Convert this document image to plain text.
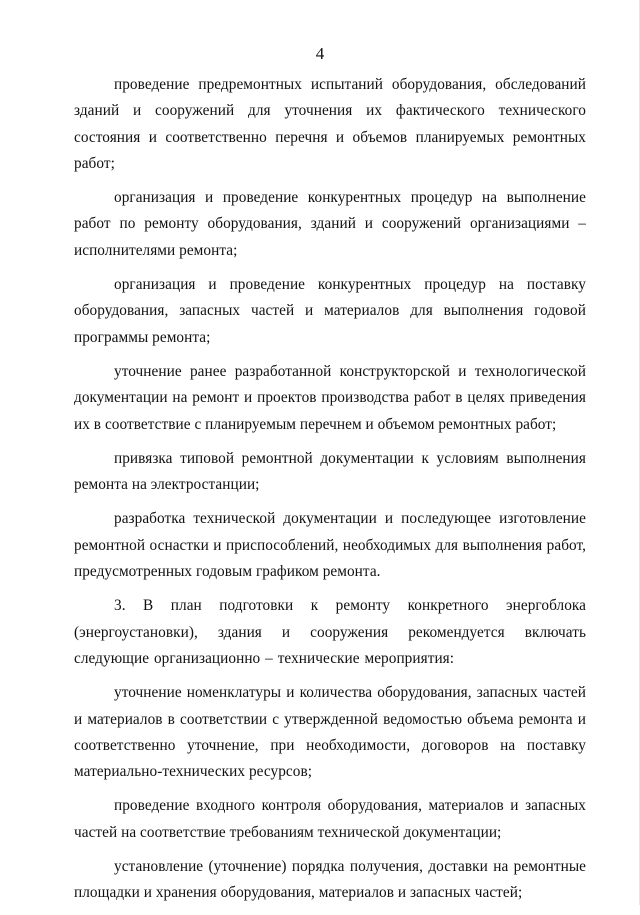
4

проведение предремонтных испытаний оборудования, обследований зданий и сооружений для уточнения их фактического технического состояния и соответственно перечня и объемов планируемых ремонтных работ;

организация и проведение конкурентных процедур на выполнение работ по ремонту оборудования, зданий и сооружений организациями – исполнителями ремонта;

организация и проведение конкурентных процедур на поставку оборудования, запасных частей и материалов для выполнения годовой программы ремонта;

уточнение ранее разработанной конструкторской и технологической документации на ремонт и проектов производства работ в целях приведения их в соответствие с планируемым перечнем и объемом ремонтных работ;

привязка типовой ремонтной документации к условиям выполнения ремонта на электростанции;

разработка технической документации и последующее изготовление ремонтной оснастки и приспособлений, необходимых для выполнения работ, предусмотренных годовым графиком ремонта.

3. В план подготовки к ремонту конкретного энергоблока (энергоустановки), здания и сооружения рекомендуется включать следующие организационно – технические мероприятия:

уточнение номенклатуры и количества оборудования, запасных частей и материалов в соответствии с утвержденной ведомостью объема ремонта и соответственно уточнение, при необходимости, договоров на поставку материально-технических ресурсов;

проведение входного контроля оборудования, материалов и запасных частей на соответствие требованиям технической документации;

установление (уточнение) порядка получения, доставки на ремонтные площадки и хранения оборудования, материалов и запасных частей;
